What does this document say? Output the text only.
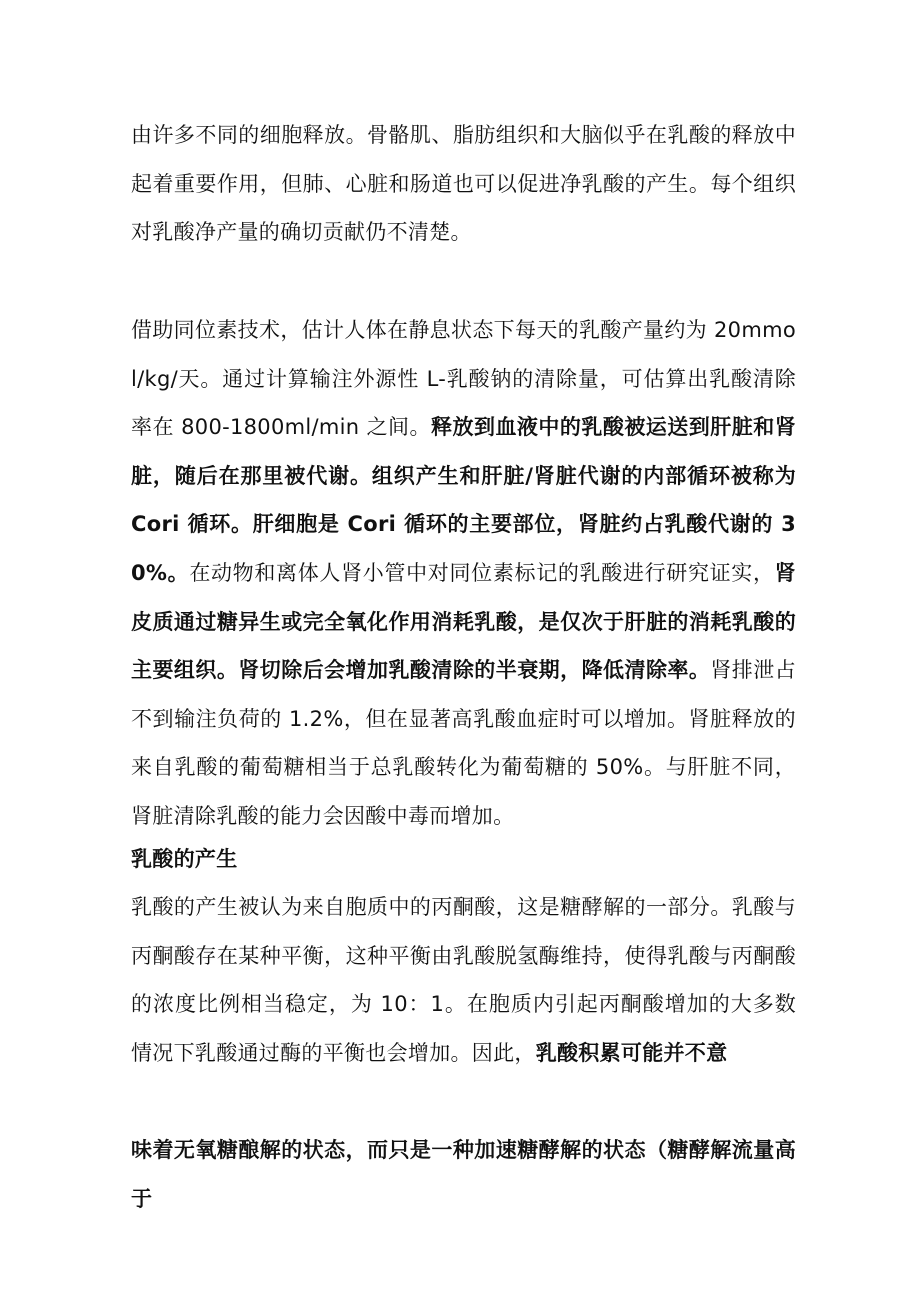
由许多不同的细胞释放。骨骼肌、脂肪组织和大脑似乎在乳酸的释放中起着重要作用，但肺、心脏和肠道也可以促进净乳酸的产生。每个组织对乳酸净产量的确切贡献仍不清楚。

借助同位素技术，估计人体在静息状态下每天的乳酸产量约为 20mmol/kg/天。通过计算输注外源性 L-乳酸钠的清除量，可估算出乳酸清除率在 800-1800ml/min 之间。释放到血液中的乳酸被运送到肝脏和肾脏，随后在那里被代谢。组织产生和肝脏/肾脏代谢的内部循环被称为 Cori 循环。肝细胞是 Cori 循环的主要部位，肾脏约占乳酸代谢的 30%。在动物和离体人肾小管中对同位素标记的乳酸进行研究证实，肾皮质通过糖异生或完全氧化作用消耗乳酸，是仅次于肝脏的消耗乳酸的主要组织。肾切除后会增加乳酸清除的半衰期，降低清除率。肾排泄占不到输注负荷的 1.2%，但在显著高乳酸血症时可以增加。肾脏释放的来自乳酸的葡萄糖相当于总乳酸转化为葡萄糖的 50%。与肝脏不同，肾脏清除乳酸的能力会因酸中毒而增加。

乳酸的产生

乳酸的产生被认为来自胞质中的丙酮酸，这是糖酵解的一部分。乳酸与丙酮酸存在某种平衡，这种平衡由乳酸脱氢酶维持，使得乳酸与丙酮酸的浓度比例相当稳定，为 10：1。在胞质内引起丙酮酸增加的大多数情况下乳酸通过酶的平衡也会增加。因此，乳酸积累可能并不意

味着无氧糖酿解的状态，而只是一种加速糖酵解的状态（糖酵解流量高于
